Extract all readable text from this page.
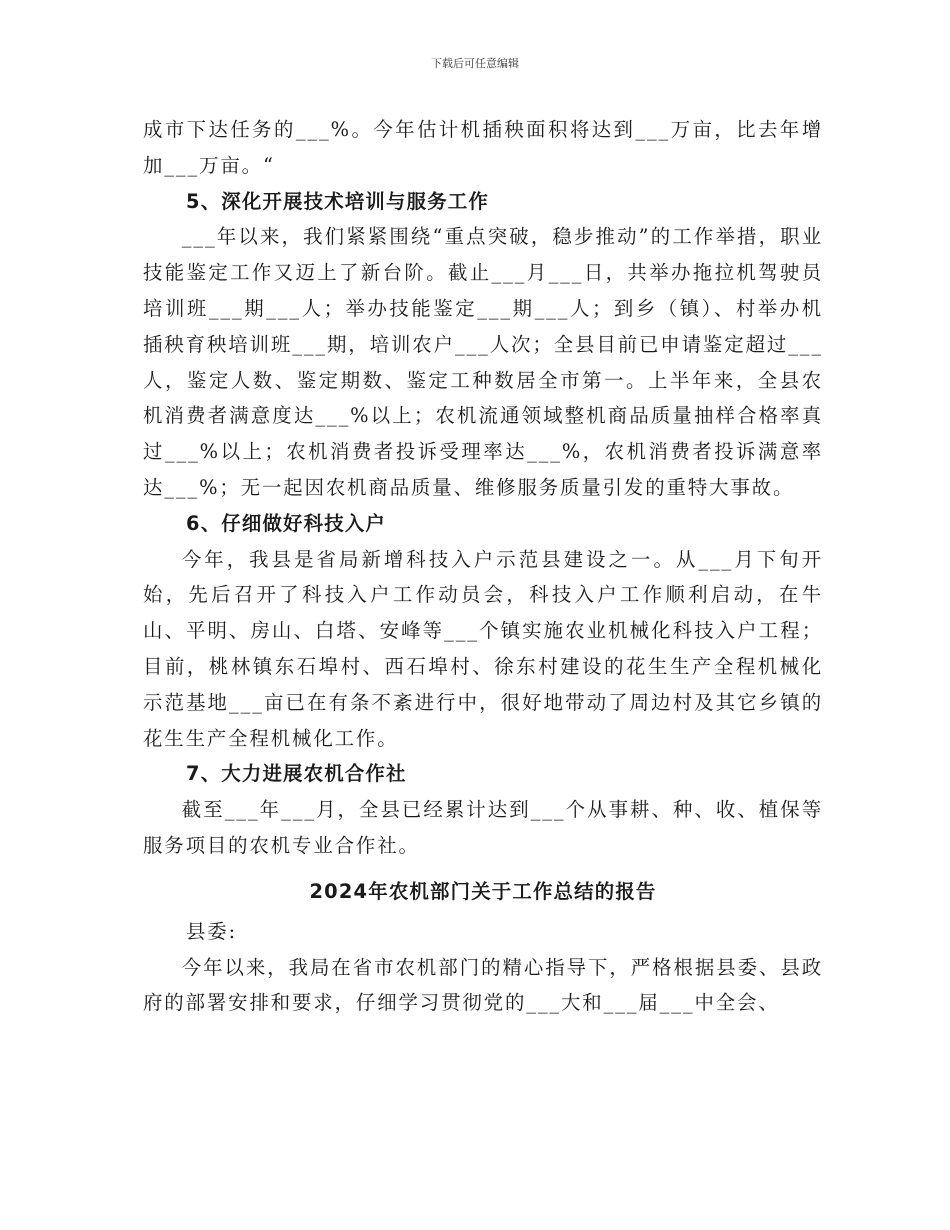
下载后可任意编辑

成市下达任务的___%。今年估计机插秧面积将达到___万亩，比去年增加___万亩。“

5、深化开展技术培训与服务工作

___年以来，我们紧紧围绕“重点突破，稳步推动”的工作举措，职业技能鉴定工作又迈上了新台阶。截止___月___日，共举办拖拉机驾驶员培训班___期___人；举办技能鉴定___期___人；到乡（镇）、村举办机插秧育秧培训班___期，培训农户___人次；全县目前已申请鉴定超过___人，鉴定人数、鉴定期数、鉴定工种数居全市第一。上半年来，全县农机消费者满意度达___%以上；农机流通领域整机商品质量抽样合格率真过___%以上；农机消费者投诉受理率达___%，农机消费者投诉满意率达___%；无一起因农机商品质量、维修服务质量引发的重特大事故。

6、仔细做好科技入户

今年，我县是省局新增科技入户示范县建设之一。从___月下旬开始，先后召开了科技入户工作动员会，科技入户工作顺利启动，在牛山、平明、房山、白塔、安峰等___个镇实施农业机械化科技入户工程；目前，桃林镇东石埠村、西石埠村、徐东村建设的花生生产全程机械化示范基地___亩已在有条不紊进行中，很好地带动了周边村及其它乡镇的花生生产全程机械化工作。

7、大力进展农机合作社

截至___年___月，全县已经累计达到___个从事耕、种、收、植保等服务项目的农机专业合作社。

2024年农机部门关于工作总结的报告

县委:

今年以来，我局在省市农机部门的精心指导下，严格根据县委、县政府的部署安排和要求，仔细学习贯彻党的___大和___届___中全会、
